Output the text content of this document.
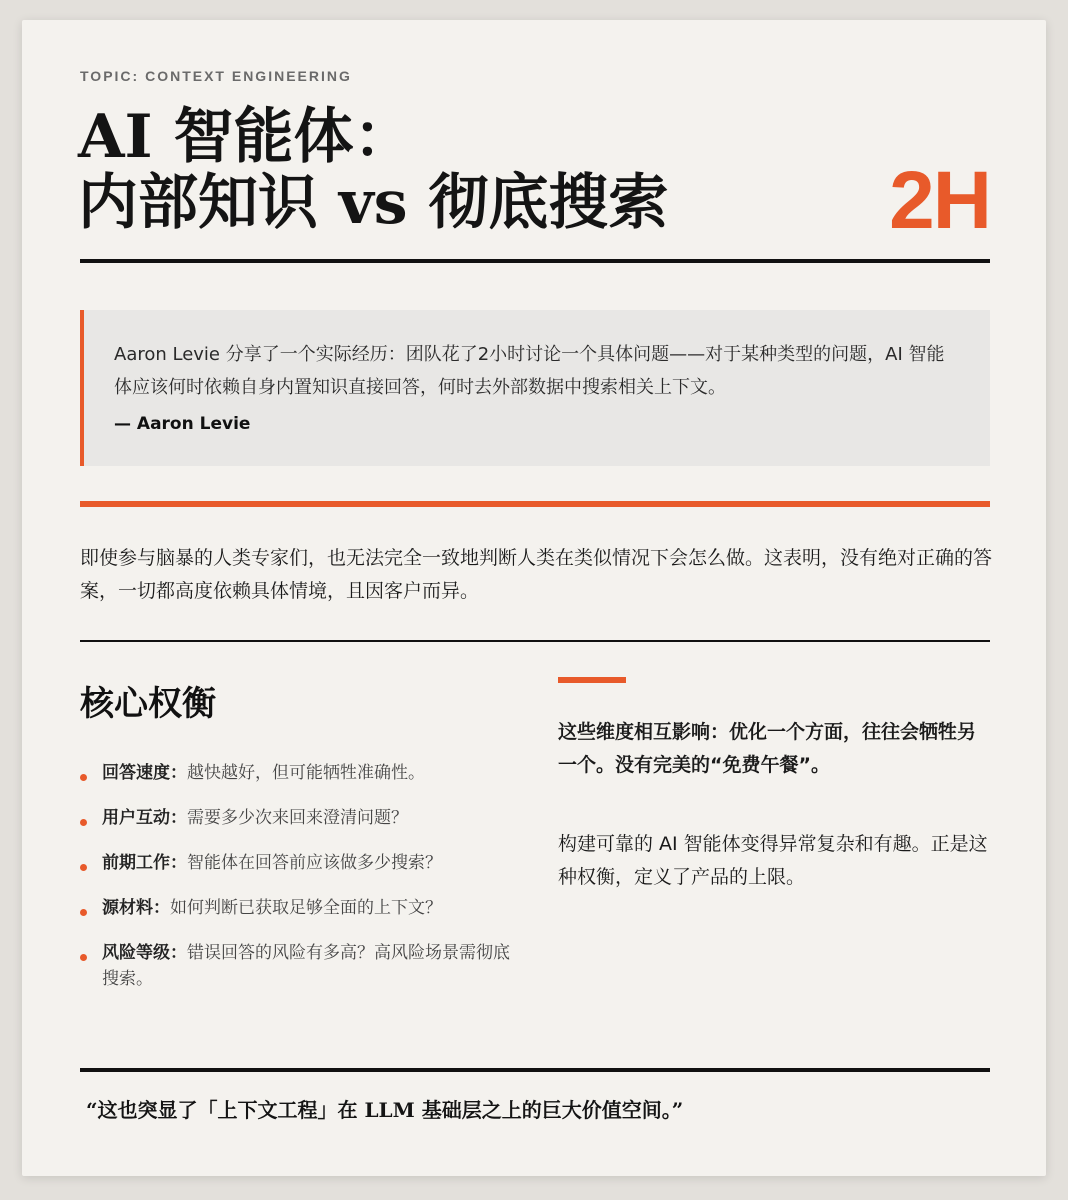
TOPIC: CONTEXT ENGINEERING
AI 智能体：
内部知识 vs 彻底搜索	2H

Aaron Levie 分享了一个实际经历：团队花了2小时讨论一个具体问题——对于某种类型的问题，AI 智能体应该何时依赖自身内置知识直接回答，何时去外部数据中搜索相关上下文。

— Aaron Levie

即使参与脑暴的人类专家们，也无法完全一致地判断人类在类似情况下会怎么做。这表明，没有绝对正确的答案，一切都高度依赖具体情境，且因客户而异。

核心权衡
回答速度：越快越好，但可能牺牲准确性。
用户互动：需要多少次来回来澄清问题？
前期工作：智能体在回答前应该做多少搜索？
源材料：如何判断已获取足够全面的上下文？
风险等级：错误回答的风险有多高？高风险场景需彻底搜索。

这些维度相互影响：优化一个方面，往往会牺牲另一个。没有完美的“免费午餐”。

构建可靠的 AI 智能体变得异常复杂和有趣。正是这种权衡，定义了产品的上限。

“这也突显了「上下文工程」在 LLM 基础层之上的巨大价值空间。”
